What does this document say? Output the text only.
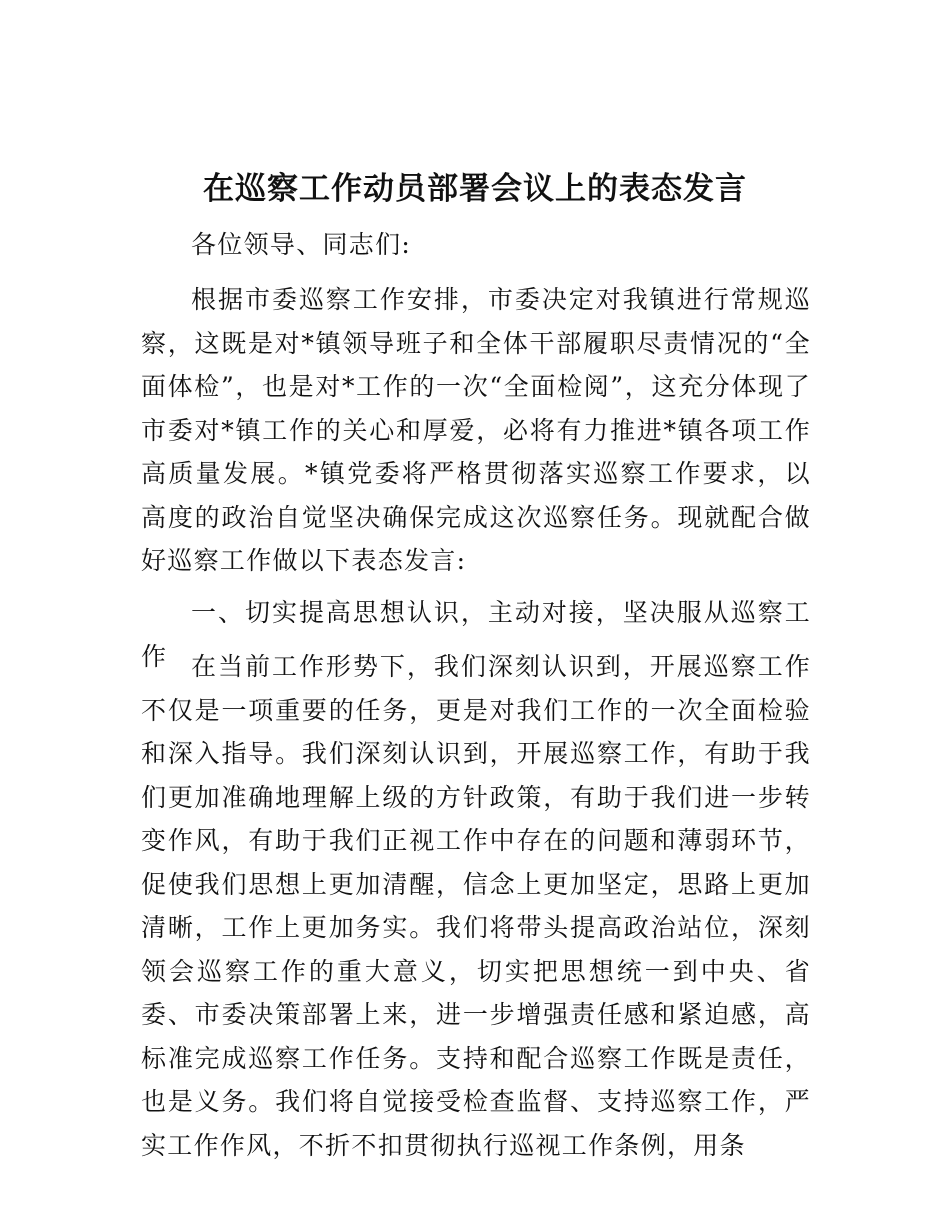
在巡察工作动员部署会议上的表态发言

各位领导、同志们:

根据市委巡察工作安排，市委决定对我镇进行常规巡察，这既是对*镇领导班子和全体干部履职尽责情况的“全面体检”，也是对*工作的一次“全面检阅”，这充分体现了市委对*镇工作的关心和厚爱，必将有力推进*镇各项工作高质量发展。*镇党委将严格贯彻落实巡察工作要求，以高度的政治自觉坚决确保完成这次巡察任务。现就配合做好巡察工作做以下表态发言:

一、切实提高思想认识，主动对接，坚决服从巡察工作 在当前工作形势下，我们深刻认识到，开展巡察工作不仅是一项重要的任务，更是对我们工作的一次全面检验和深入指导。我们深刻认识到，开展巡察工作，有助于我们更加准确地理解上级的方针政策，有助于我们进一步转变作风，有助于我们正视工作中存在的问题和薄弱环节，促使我们思想上更加清醒，信念上更加坚定，思路上更加清晰，工作上更加务实。我们将带头提高政治站位，深刻领会巡察工作的重大意义，切实把思想统一到中央、省委、市委决策部署上来，进一步增强责任感和紧迫感，高标准完成巡察工作任务。支持和配合巡察工作既是责任，也是义务。我们将自觉接受检查监督、支持巡察工作，严实工作作风，不折不扣贯彻执行巡视工作条例，用条
